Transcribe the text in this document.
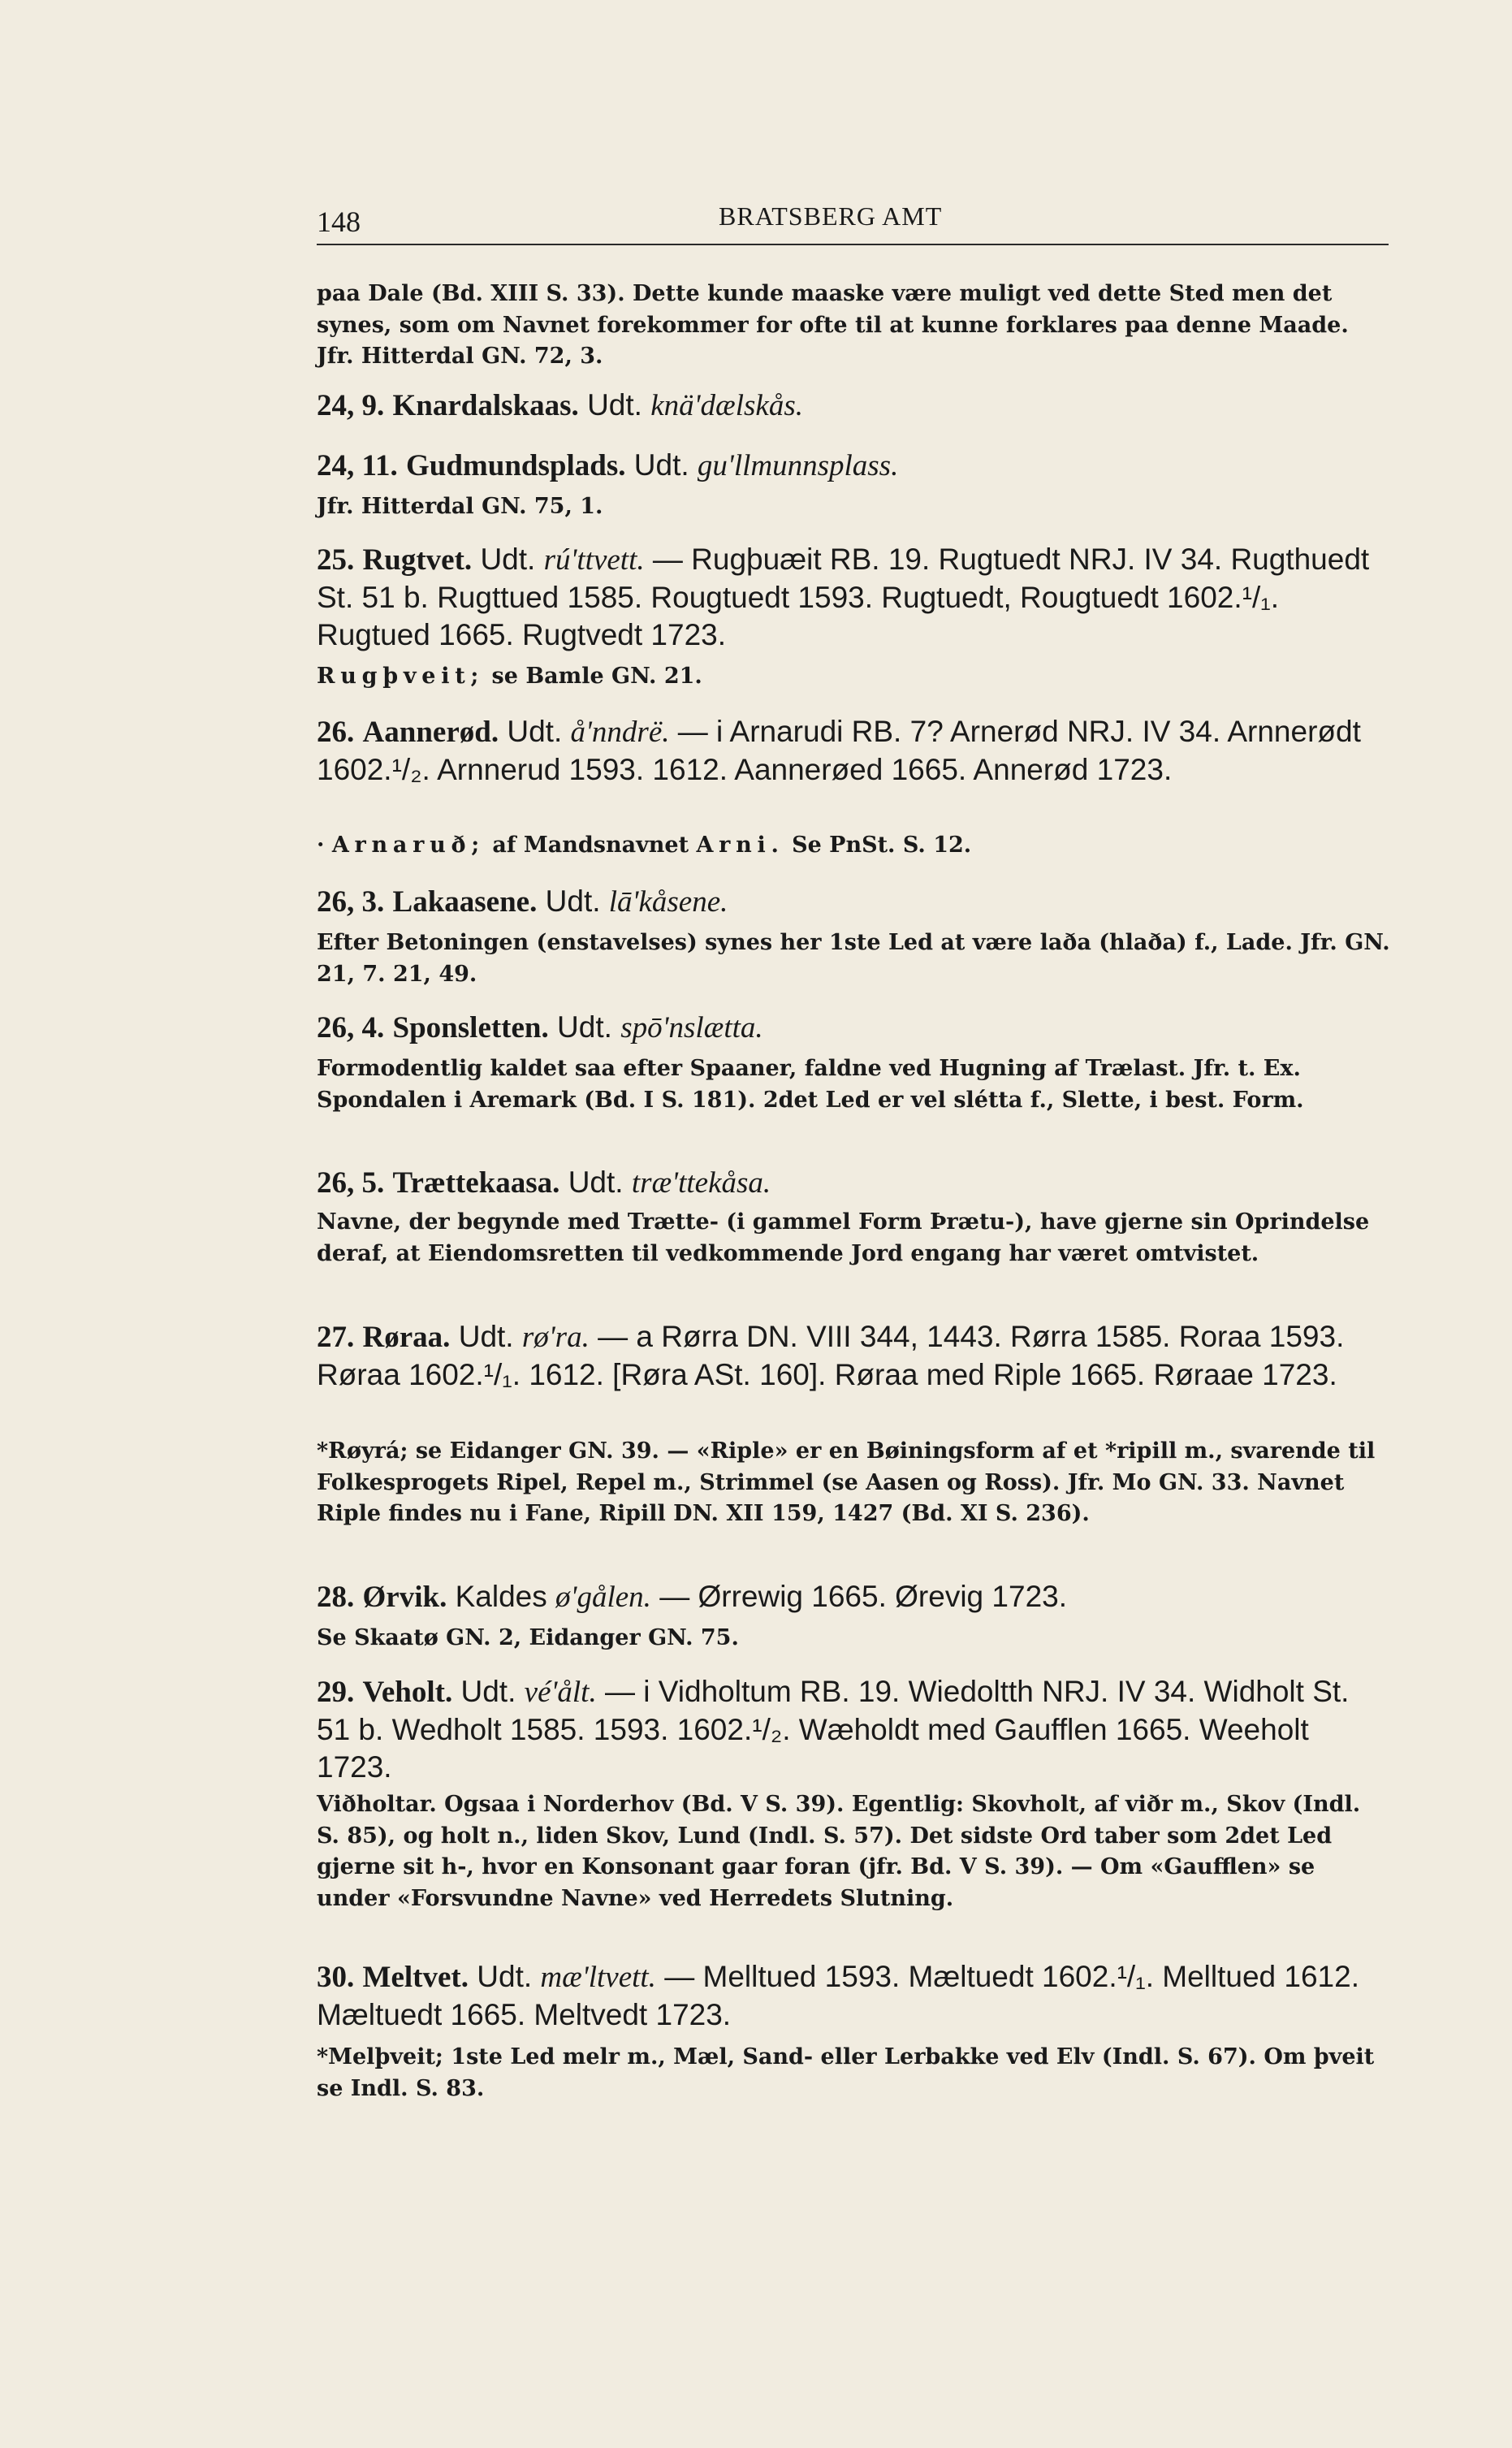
148	BRATSBERG AMT

paa Dale (Bd. XIII S. 33). Dette kunde maaske være muligt ved dette Sted men det synes, som om Navnet forekommer for ofte til at kunne forklares paa denne Maade. Jfr. Hitterdal GN. 72, 3.

24, 9. Knardalskaas. Udt. knä'dælskås.

24, 11. Gudmundsplads. Udt. gu'llmunnsplass.

Jfr. Hitterdal GN. 75, 1.

25. Rugtvet. Udt. rú'ttvett. — Rugþuæit RB. 19. Rugtuedt NRJ. IV 34. Rugthuedt St. 51 b. Rugttued 1585. Rougtuedt 1593. Rugtuedt, Rougtuedt 1602.¹/₁. Rugtued 1665. Rugtvedt 1723.

Rugþveit; se Bamle GN. 21.

26. Aannerød. Udt. å'nndrë. — i Arnarudi RB. 7? Arnerød NRJ. IV 34. Arnnerødt 1602.¹/₂. Arnnerud 1593. 1612. Aannerøed 1665. Annerød 1723.

· Arnaruð; af Mandsnavnet Arni. Se PnSt. S. 12.

26, 3. Lakaasene. Udt. lā'kåsene.

Efter Betoningen (enstavelses) synes her 1ste Led at være laða (hlaða) f., Lade. Jfr. GN. 21, 7. 21, 49.

26, 4. Sponsletten. Udt. spō'nslætta.

Formodentlig kaldet saa efter Spaaner, faldne ved Hugning af Trælast. Jfr. t. Ex. Spondalen i Aremark (Bd. I S. 181). 2det Led er vel slétta f., Slette, i best. Form.

26, 5. Trættekaasa. Udt. træ'ttekåsa.

Navne, der begynde med Trætte- (i gammel Form Þrætu-), have gjerne sin Oprindelse deraf, at Eiendomsretten til vedkommende Jord engang har været omtvistet.

27. Røraa. Udt. rø'ra. — a Rørra DN. VIII 344, 1443. Rørra 1585. Roraa 1593. Røraa 1602.¹/₁. 1612. [Røra ASt. 160]. Røraa med Riple 1665. Røraae 1723.

*Røyrá; se Eidanger GN. 39. — «Riple» er en Bøiningsform af et *ripill m., svarende til Folkesprogets Ripel, Repel m., Strimmel (se Aasen og Ross). Jfr. Mo GN. 33. Navnet Riple findes nu i Fane, Ripill DN. XII 159, 1427 (Bd. XI S. 236).

28. Ørvik. Kaldes ø'gålen. — Ørrewig 1665. Ørevig 1723.

Se Skaatø GN. 2, Eidanger GN. 75.

29. Veholt. Udt. vé'ålt. — i Vidholtum RB. 19. Wiedoltth NRJ. IV 34. Widholt St. 51 b. Wedholt 1585. 1593. 1602.¹/₂. Wæholdt med Gaufflen 1665. Weeholt 1723.

Viðholtar. Ogsaa i Norderhov (Bd. V S. 39). Egentlig: Skovholt, af viðr m., Skov (Indl. S. 85), og holt n., liden Skov, Lund (Indl. S. 57). Det sidste Ord taber som 2det Led gjerne sit h-, hvor en Konsonant gaar foran (jfr. Bd. V S. 39). — Om «Gaufflen» se under «Forsvundne Navne» ved Herredets Slutning.

30. Meltvet. Udt. mæ'ltvett. — Melltued 1593. Mæltuedt 1602.¹/₁. Melltued 1612. Mæltuedt 1665. Meltvedt 1723.

*Melþveit; 1ste Led melr m., Mæl, Sand- eller Lerbakke ved Elv (Indl. S. 67). Om þveit se Indl. S. 83.
